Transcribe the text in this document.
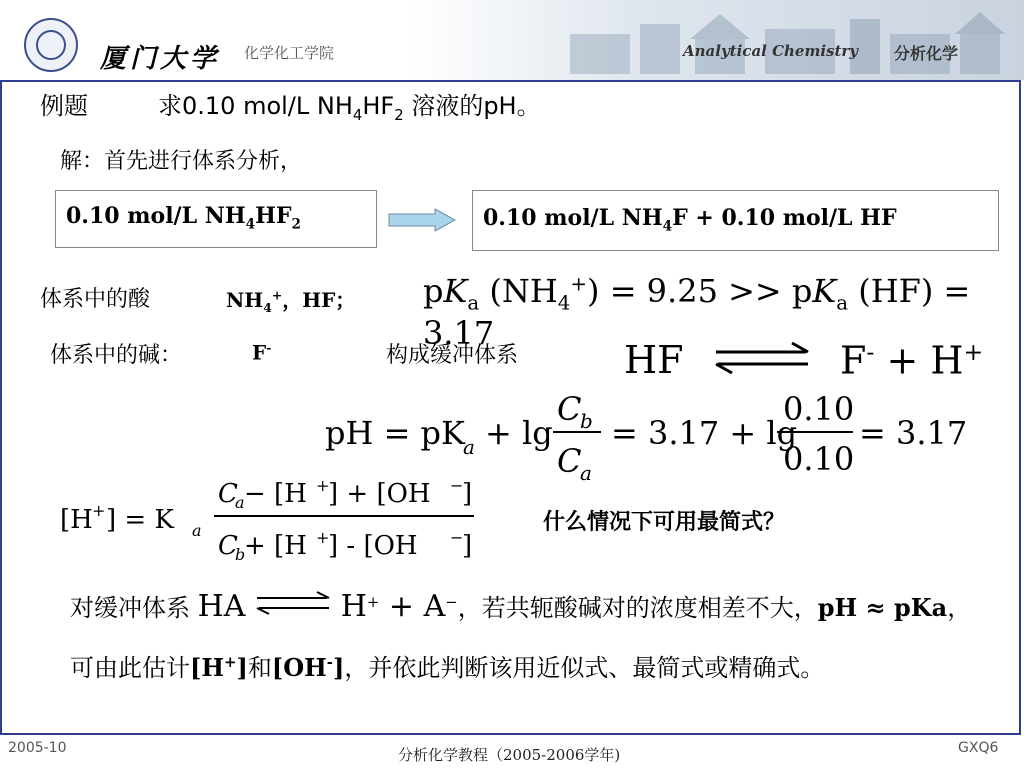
厦门大学 化学化工学院	Analytical Chemistry 分析化学
例题	求0.10 mol/L $NH_4HF_2$ 溶液的pH。
解：首先进行体系分析，
0.10 mol/L $NH_4HF_2$	0.10 mol/L $NH_4F + 0.10$ mol/L HF
体系中的酸	$NH_4^+$，HF； $pK_a$ $(NH_4^+) = 9.25 >> pK_a$ (HF) = 3.17
体系中的碱：	F-	构成缓冲体系	HF	F- + H+
pH = pK
a + lg
C
b
C
a
= 3.17 + lg
0.10
0.10
= 3.17
[H + ] = K a
C
a − [H +
] + [OH −
]
C
b
+ [H +
] - [OH −
]
什么情况下可用最简式？
对缓冲体系 HA	H+ + A−，若共轭酸碱对的浓度相差不大，pH ≈ pKa，可由此估计[H+]和[OH-]，并依此判断该用近似式、最简式或精确式。
2005-10	分析化学教程（2005-2006学年)	GXQ6
